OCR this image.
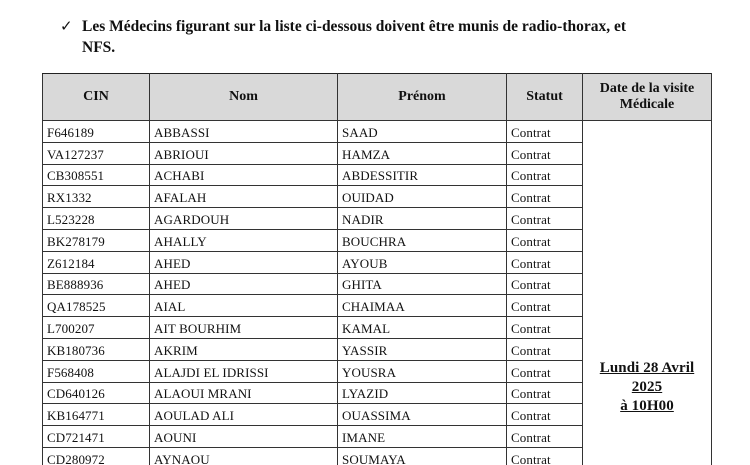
✓ Les Médecins figurant sur la liste ci-dessous doivent être munis de radio-thorax, et
NFS.
CIN	Nom	Prénom	Statut	Date de la visite Médicale
F646189	ABBASSI	SAAD	Contrat	Lundi 28 Avril
2025
à 10H00

VA127237	ABRIOUI	HAMZA	Contrat	
CB308551	ACHABI	ABDESSITIR	Contrat	
RX1332	AFALAH	OUIDAD	Contrat	
L523228	AGARDOUH	NADIR	Contrat	
BK278179	AHALLY	BOUCHRA	Contrat	
Z612184	AHED	AYOUB	Contrat	
BE888936	AHED	GHITA	Contrat	
QA178525	AIAL	CHAIMAA	Contrat	
L700207	AIT BOURHIM	KAMAL	Contrat	
KB180736	AKRIM	YASSIR	Contrat	
F568408	ALAJDI EL IDRISSI	YOUSRA	Contrat	
CD640126	ALAOUI MRANI	LYAZID	Contrat	
KB164771	AOULAD ALI	OUASSIMA	Contrat	
CD721471	AOUNI	IMANE	Contrat	
CD280972	AYNAOU	SOUMAYA	Contrat	
